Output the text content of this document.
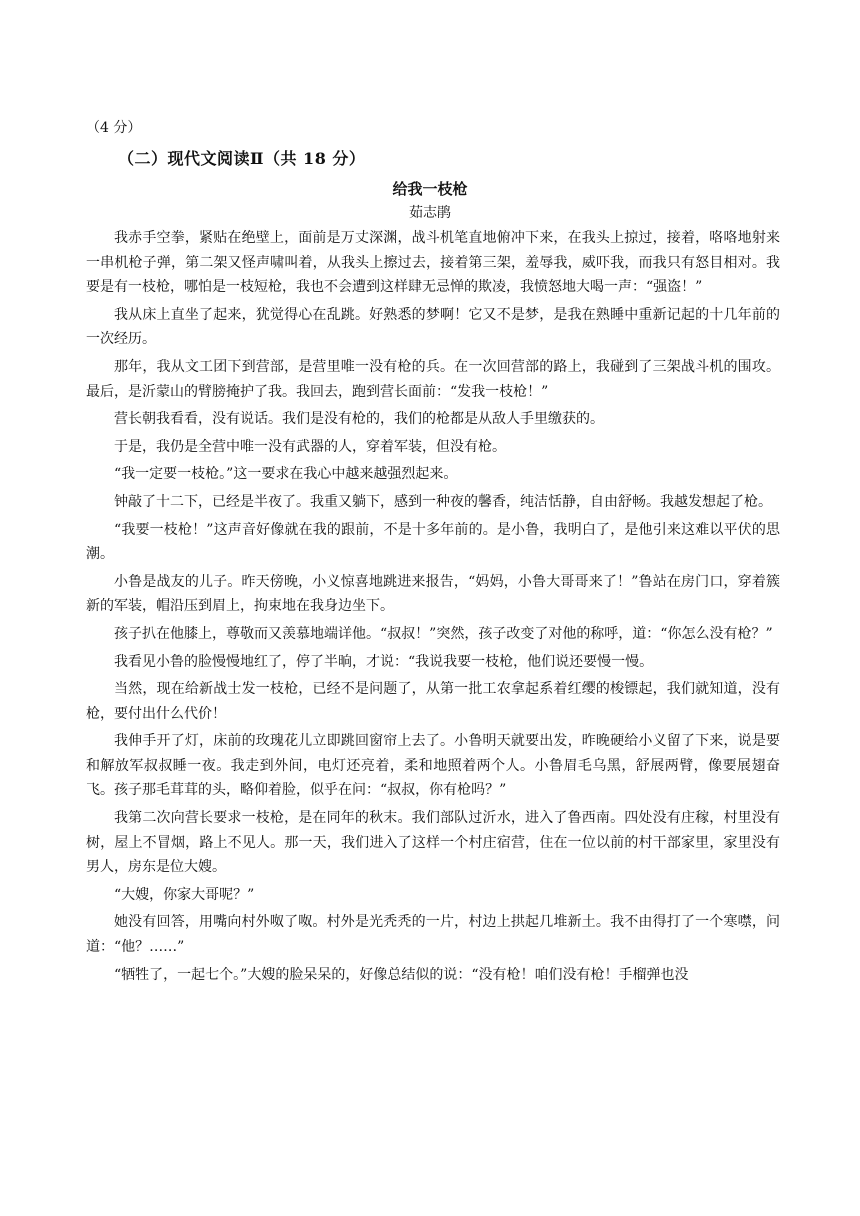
（4 分）
（二）现代文阅读Ⅱ（共 18 分）
给我一枝枪
茹志鹃

我赤手空拳，紧贴在绝壁上，面前是万丈深渊，战斗机笔直地俯冲下来，在我头上掠过，接着，咯咯地射来一串机枪子弹，第二架又怪声啸叫着，从我头上擦过去，接着第三架，羞辱我，威吓我，而我只有怒目相对。我要是有一枝枪，哪怕是一枝短枪，我也不会遭到这样肆无忌惮的欺凌，我愤怒地大喝一声：“强盗！”

我从床上直坐了起来，犹觉得心在乱跳。好熟悉的梦啊！它又不是梦，是我在熟睡中重新记起的十几年前的一次经历。

那年，我从文工团下到营部，是营里唯一没有枪的兵。在一次回营部的路上，我碰到了三架战斗机的围攻。最后，是沂蒙山的臂膀掩护了我。我回去，跑到营长面前：“发我一枝枪！”

营长朝我看看，没有说话。我们是没有枪的，我们的枪都是从敌人手里缴获的。

于是，我仍是全营中唯一没有武器的人，穿着军装，但没有枪。

“我一定要一枝枪。”这一要求在我心中越来越强烈起来。

钟敲了十二下，已经是半夜了。我重又躺下，感到一种夜的馨香，纯洁恬静，自由舒畅。我越发想起了枪。

“我要一枝枪！”这声音好像就在我的跟前，不是十多年前的。是小鲁，我明白了，是他引来这难以平伏的思潮。

小鲁是战友的儿子。昨天傍晚，小义惊喜地跳进来报告，“妈妈，小鲁大哥哥来了！”鲁站在房门口，穿着簇新的军装，帽沿压到眉上，拘束地在我身边坐下。

孩子扒在他膝上，尊敬而又羡慕地端详他。“叔叔！”突然，孩子改变了对他的称呼，道：“你怎么没有枪？”

我看见小鲁的脸慢慢地红了，停了半晌，才说：“我说我要一枝枪，他们说还要慢一慢。

当然，现在给新战士发一枝枪，已经不是问题了，从第一批工农拿起系着红缨的梭镖起，我们就知道，没有枪，要付出什么代价！

我伸手开了灯，床前的玫瑰花儿立即跳回窗帘上去了。小鲁明天就要出发，昨晚硬给小义留了下来，说是要和解放军叔叔睡一夜。我走到外间，电灯还亮着，柔和地照着两个人。小鲁眉毛乌黑，舒展两臂，像要展翅奋飞。孩子那毛茸茸的头，略仰着脸，似乎在问：“叔叔，你有枪吗？”

我第二次向营长要求一枝枪，是在同年的秋末。我们部队过沂水，进入了鲁西南。四处没有庄稼，村里没有树，屋上不冒烟，路上不见人。那一天，我们进入了这样一个村庄宿营，住在一位以前的村干部家里，家里没有男人，房东是位大嫂。

“大嫂，你家大哥呢？”

她没有回答，用嘴向村外呶了呶。村外是光秃秃的一片，村边上拱起几堆新土。我不由得打了一个寒噤，问道：“他？……”

“牺牲了，一起七个。”大嫂的脸呆呆的，好像总结似的说：“没有枪！咱们没有枪！手榴弹也没
